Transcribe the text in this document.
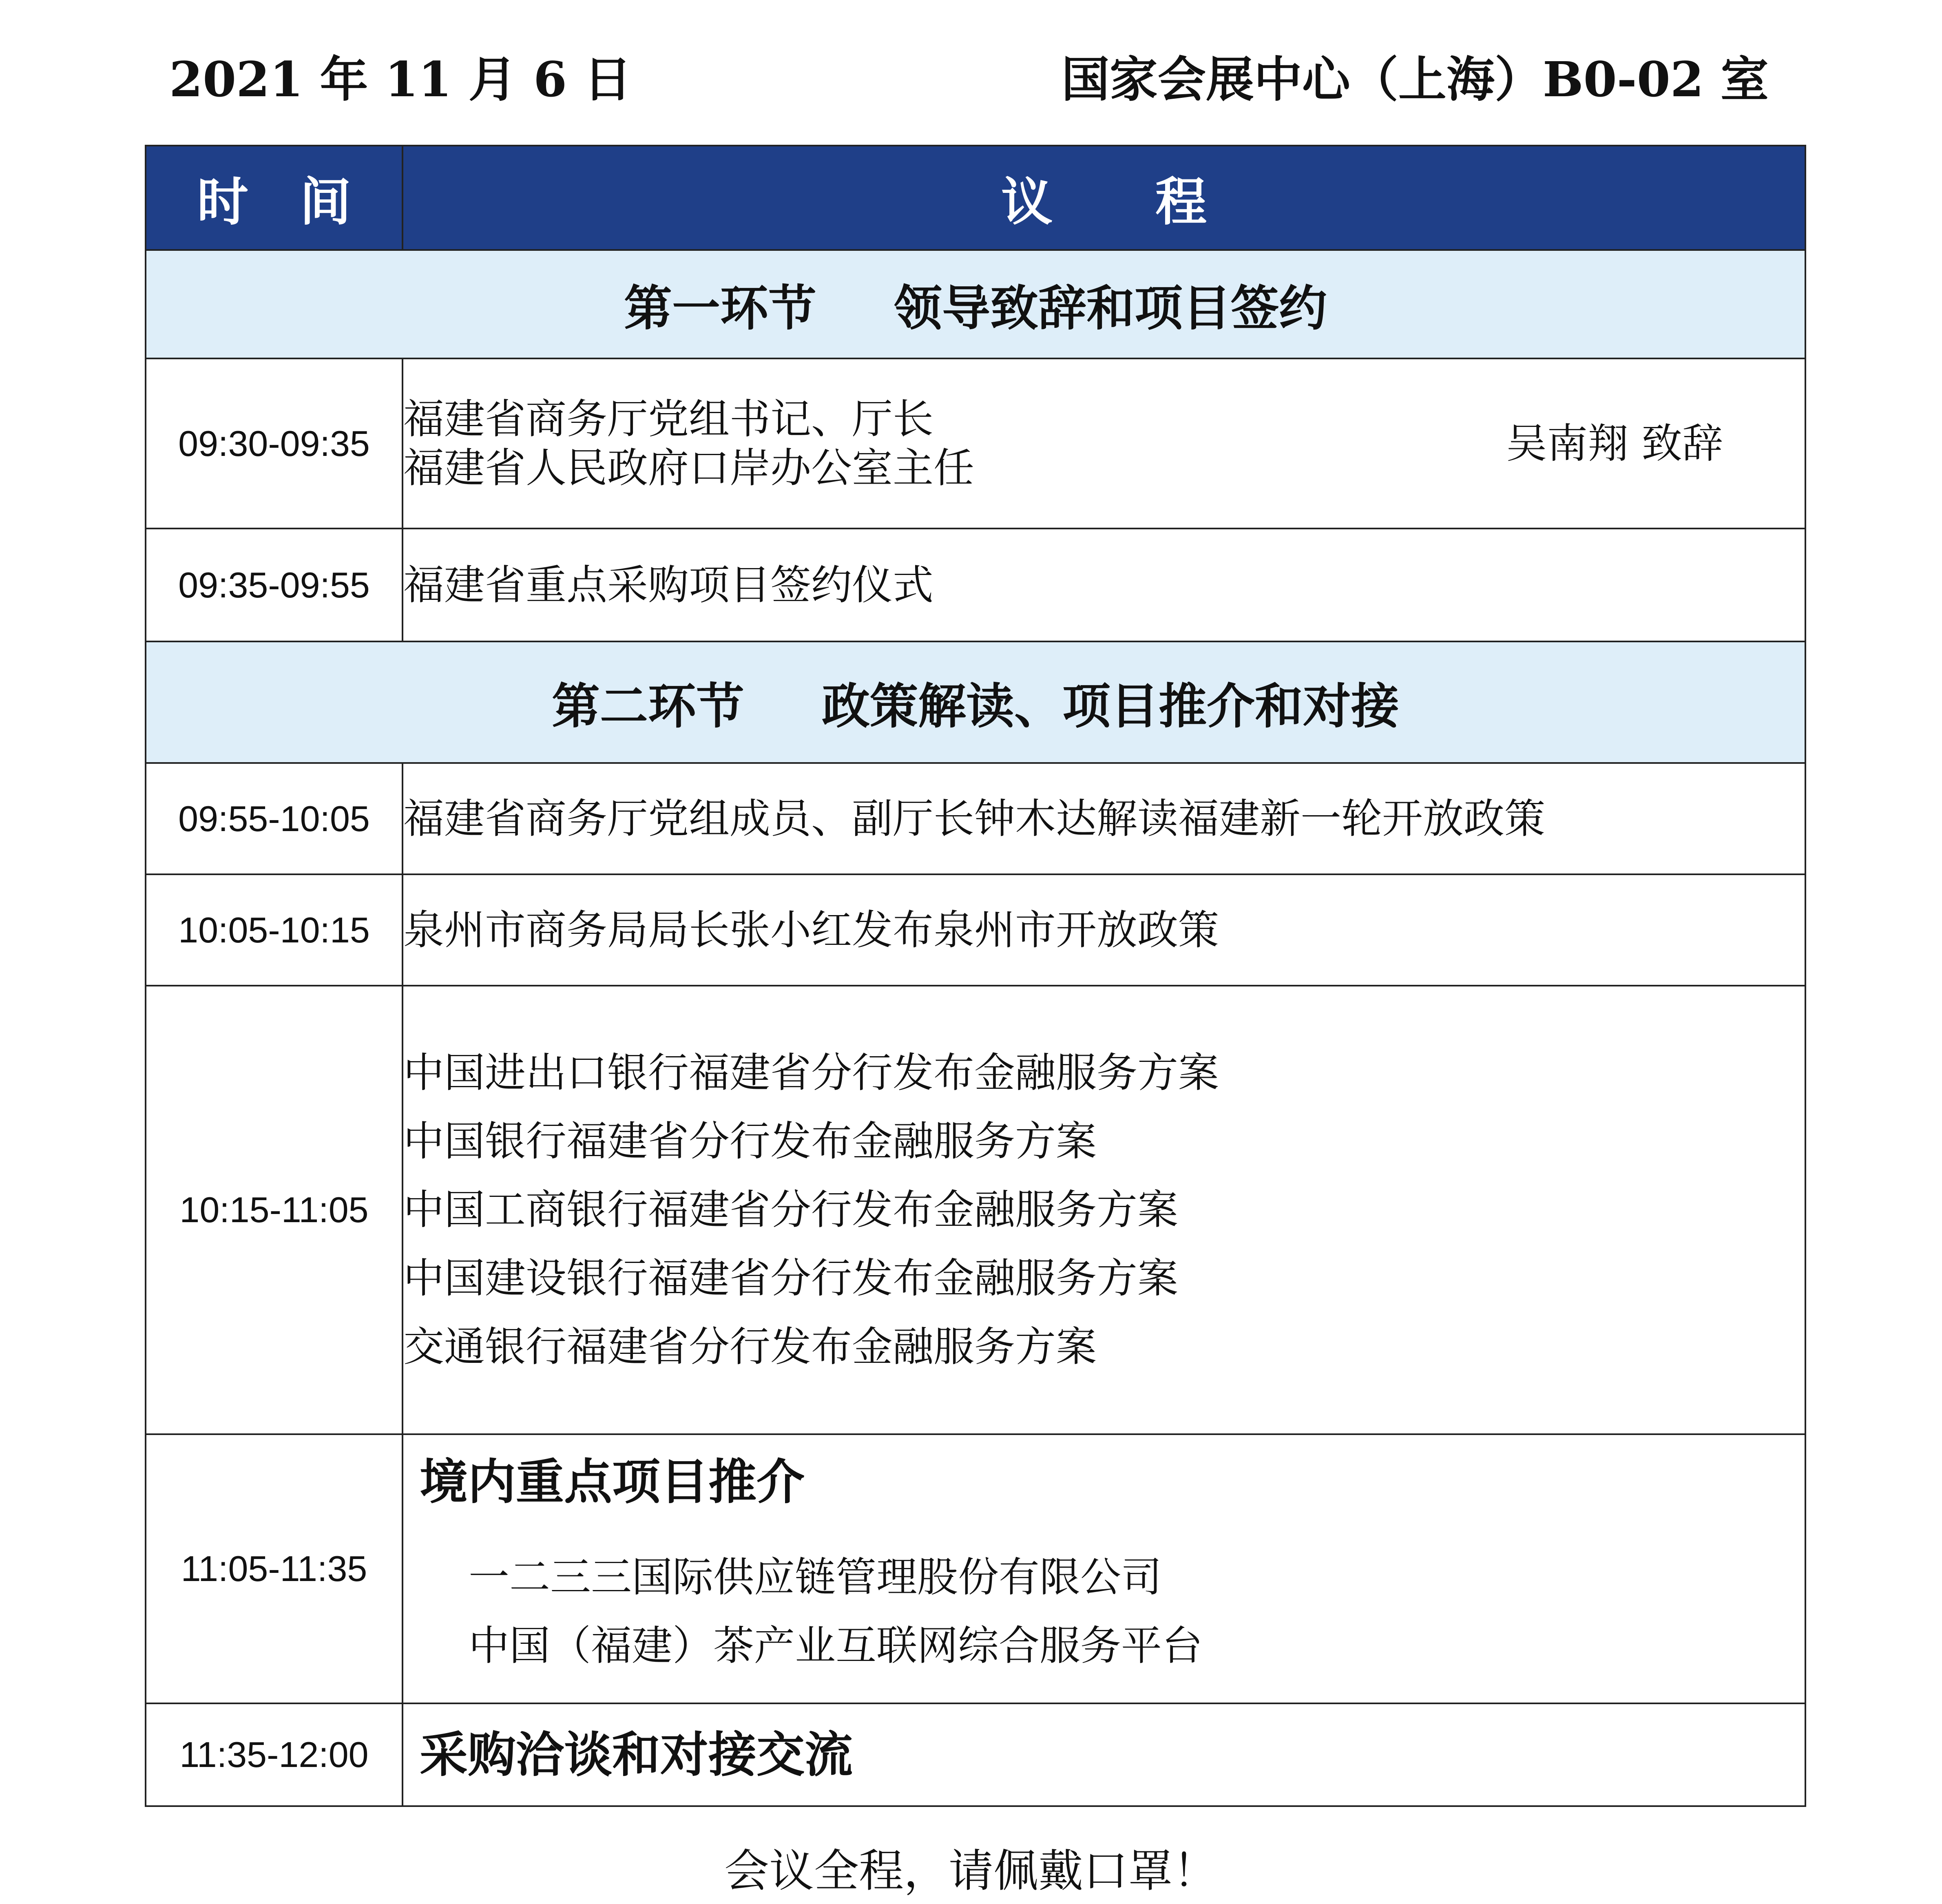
2021 年 11 月 6 日	国家会展中心（上海）B0-02 室
时　间	议　　程
第一环节 领导致辞和项目签约	
09:30-09:35	福建省商务厅党组书记、厅长
福建省人民政府口岸办公室主任
吴南翔 致辞

09:35-09:55	福建省重点采购项目签约仪式

第二环节 政策解读、项目推介和对接	
09:55-10:05	福建省商务厅党组成员、副厅长钟木达解读福建新一轮开放政策

10:05-10:15	泉州市商务局局长张小红发布泉州市开放政策

10:15-11:05	中国进出口银行福建省分行发布金融服务方案
中国银行福建省分行发布金融服务方案
中国工商银行福建省分行发布金融服务方案
中国建设银行福建省分行发布金融服务方案
交通银行福建省分行发布金融服务方案

11:05-11:35	境内重点项目推介
一二三三国际供应链管理股份有限公司
中国（福建）茶产业互联网综合服务平台

11:35-12:00	采购洽谈和对接交流
会议全程，请佩戴口罩！
